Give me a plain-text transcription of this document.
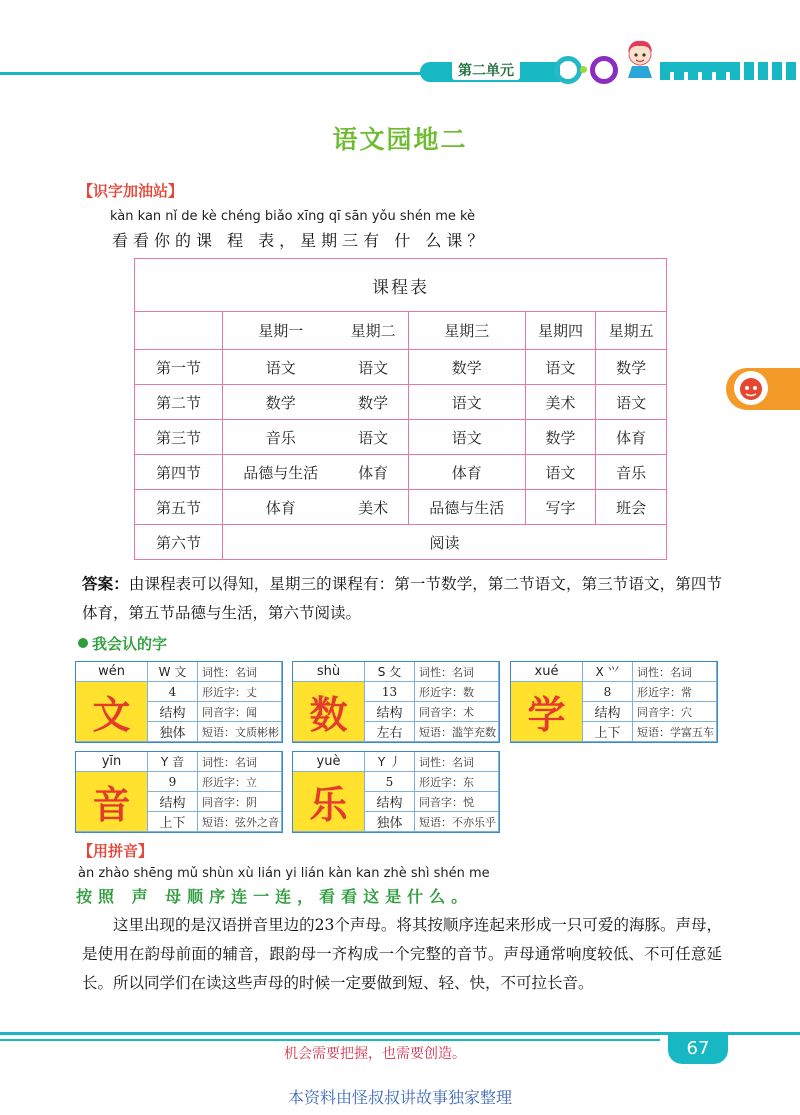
第二单元
语文园地二
【识字加油站】
kàn kan nǐ de kè chéng biǎo xīng qī sān yǒu shén me kè
看看你的课 程 表，星期三有 什 么课？
课程表					
	星期一	星期二	星期三	星期四	星期五
第一节	语文	语文	数学	语文	数学
第二节	数学	数学	语文	美术	语文
第三节	音乐	语文	语文	数学	体育
第四节	品德与生活	体育	体育	语文	音乐
第五节	体育	美术	品德与生活	写字	班会
第六节	阅读				
答案：由课程表可以得知，星期三的课程有：第一节数学，第二节语文，第三节语文，第四节体育，第五节品德与生活，第六节阅读。
我会认的字
wén	W 文	词性：名词
文
4	形近字：丈
结构	同音字：闻
独体	短语：文质彬彬
shù	S 攵	词性：名词
数
13	形近字：数
结构	同音字：术
左右	短语：滥竽充数
xué	X ⺍	词性：名词
学
8	形近字：常
结构	同音字：穴
上下	短语：学富五车
yīn	Y 音	词性：名词
音
9	形近字：立
结构	同音字：阴
上下	短语：弦外之音
yuè	Y 丿	词性：名词
乐
5	形近字：东
结构	同音字：悦
独体	短语：不亦乐乎
【用拼音】
àn zhào shēng mǔ shùn xù lián yi lián kàn kan zhè shì shén me
按照 声 母顺序连一连，看看这是什么。
这里出现的是汉语拼音里边的23个声母。将其按顺序连起来形成一只可爱的海豚。声母，是使用在韵母前面的辅音，跟韵母一齐构成一个完整的音节。声母通常响度较低、不可任意延长。所以同学们在读这些声母的时候一定要做到短、轻、快，不可拉长音。
机会需要把握，也需要创造。	67
本资料由怪叔叔讲故事独家整理
